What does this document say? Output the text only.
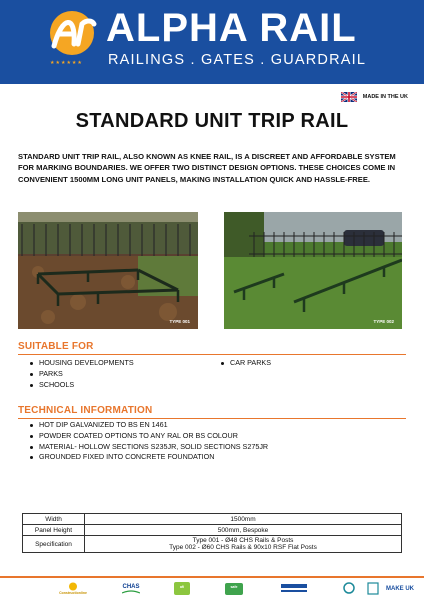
★★★★★★
ALPHA RAIL
RAILINGS . GATES . GUARDRAIL
MADE IN THE UK
STANDARD UNIT TRIP RAIL

STANDARD UNIT TRIP RAIL, ALSO KNOWN AS KNEE RAIL, IS A DISCREET AND AFFORDABLE SYSTEM FOR MARKING BOUNDARIES. WE OFFER TWO DISTINCT DESIGN OPTIONS. THESE CHOICES COME IN CONVENIENT 1500MM LONG UNIT PANELS, MAKING INSTALLATION QUICK AND HASSLE-FREE.

TYPE 001	TYPE 002
SUITABLE FOR
HOUSING DEVELOPMENTS
PARKS
SCHOOLS
CAR PARKS
TECHNICAL INFORMATION
HOT DIP GALVANIZED TO BS EN 1461
POWDER COATED OPTIONS TO ANY RAL OR BS COLOUR
MATERIAL- HOLLOW SECTIONS S235JR, SOLID SECTIONS S275JR
GROUNDED FIXED INTO CONCRETE FOUNDATION
Width	1500mm
Panel Height	500mm, Bespoke
Specification	Type 001 - Ø48 CHS Rails & Posts
Type 002 - Ø60 CHS Rails & 90x10 RSF Flat Posts
Constructionline
CHAS	afi	safe	MAKE UK
